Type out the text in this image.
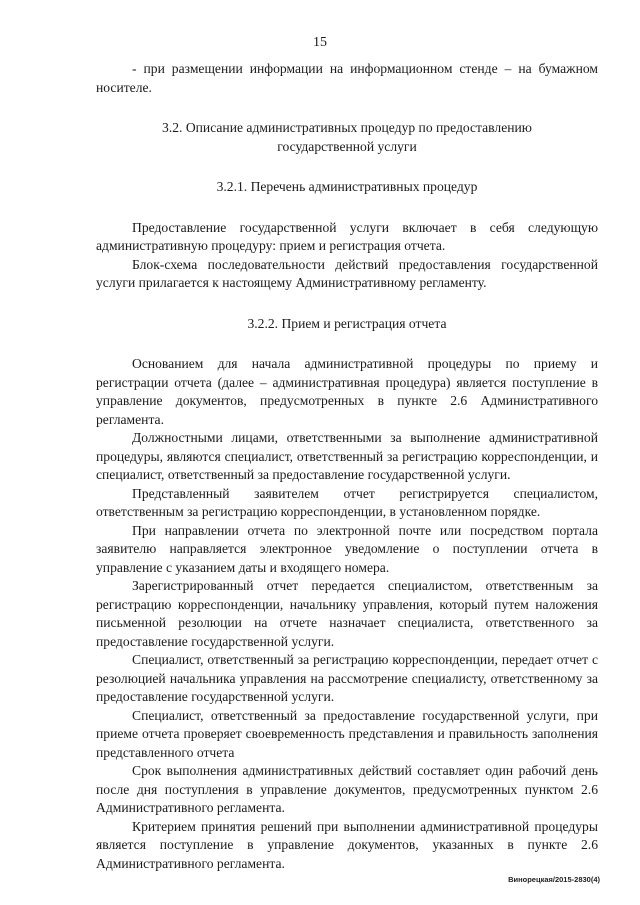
15

- при размещении информации на информационном стенде – на бумажном носителе.

3.2. Описание административных процедур по предоставлению

государственной услуги

3.2.1. Перечень административных процедур

Предоставление государственной услуги включает в себя следующую административную процедуру: прием и регистрация отчета.

Блок-схема последовательности действий предоставления государственной услуги прилагается к настоящему Административному регламенту.

3.2.2. Прием и регистрация отчета

Основанием для начала административной процедуры по приему и регистрации отчета (далее – административная процедура) является поступление в управление документов, предусмотренных в пункте 2.6 Административного регламента.

Должностными лицами, ответственными за выполнение административной процедуры, являются специалист, ответственный за регистрацию корреспонденции, и специалист, ответственный за предоставление государственной услуги.

Представленный заявителем отчет регистрируется специалистом, ответственным за регистрацию корреспонденции, в установленном порядке.

При направлении отчета по электронной почте или посредством портала заявителю направляется электронное уведомление о поступлении отчета в управление с указанием даты и входящего номера.

Зарегистрированный отчет передается специалистом, ответственным за регистрацию корреспонденции, начальнику управления, который путем наложения письменной резолюции на отчете назначает специалиста, ответственного за предоставление государственной услуги.

Специалист, ответственный за регистрацию корреспонденции, передает отчет с резолюцией начальника управления на рассмотрение специалисту, ответственному за предоставление государственной услуги.

Специалист, ответственный за предоставление государственной услуги, при приеме отчета проверяет своевременность представления и правильность заполнения представленного отчета

Срок выполнения административных действий составляет один рабочий день после дня поступления в управление документов, предусмотренных пунктом 2.6 Административного регламента.

Критерием принятия решений при выполнении административной процедуры является поступление в управление документов, указанных в пункте 2.6 Административного регламента.

Винорецкая/2015-2830(4)
